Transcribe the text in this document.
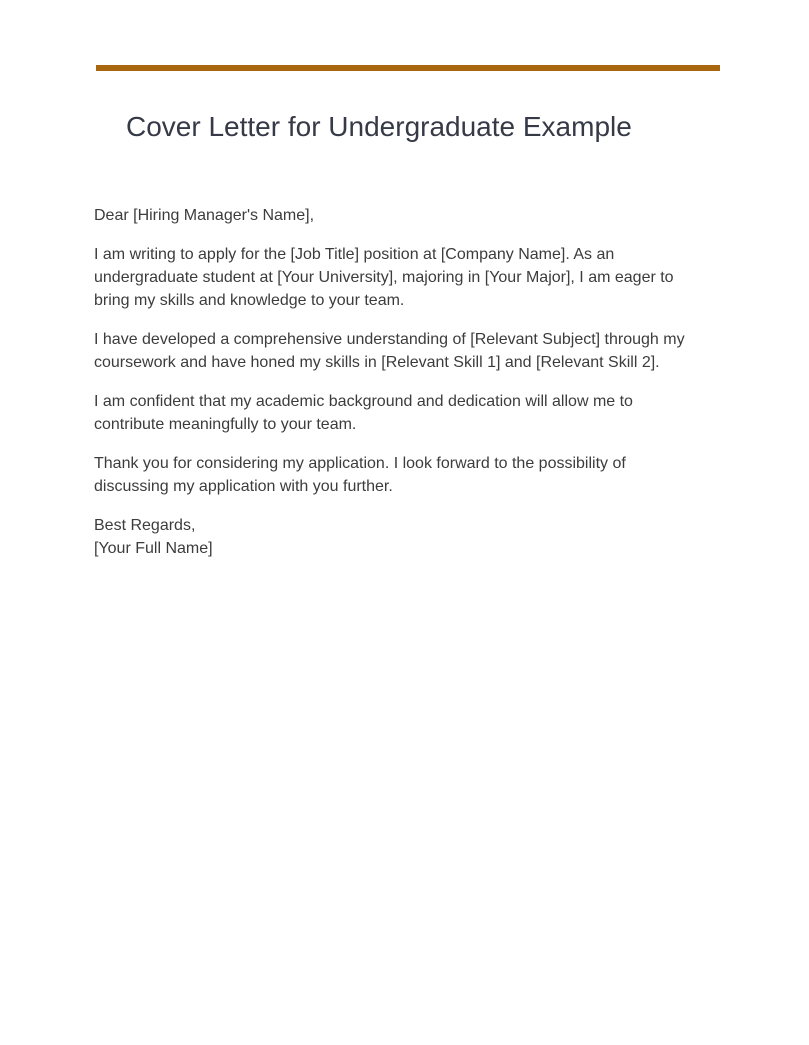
Cover Letter for Undergraduate Example

Dear [Hiring Manager's Name],

I am writing to apply for the [Job Title] position at [Company Name]. As an undergraduate student at [Your University], majoring in [Your Major], I am eager to bring my skills and knowledge to your team.

I have developed a comprehensive understanding of [Relevant Subject] through my coursework and have honed my skills in [Relevant Skill 1] and [Relevant Skill 2].

I am confident that my academic background and dedication will allow me to contribute meaningfully to your team.

Thank you for considering my application. I look forward to the possibility of discussing my application with you further.

Best Regards,
[Your Full Name]
